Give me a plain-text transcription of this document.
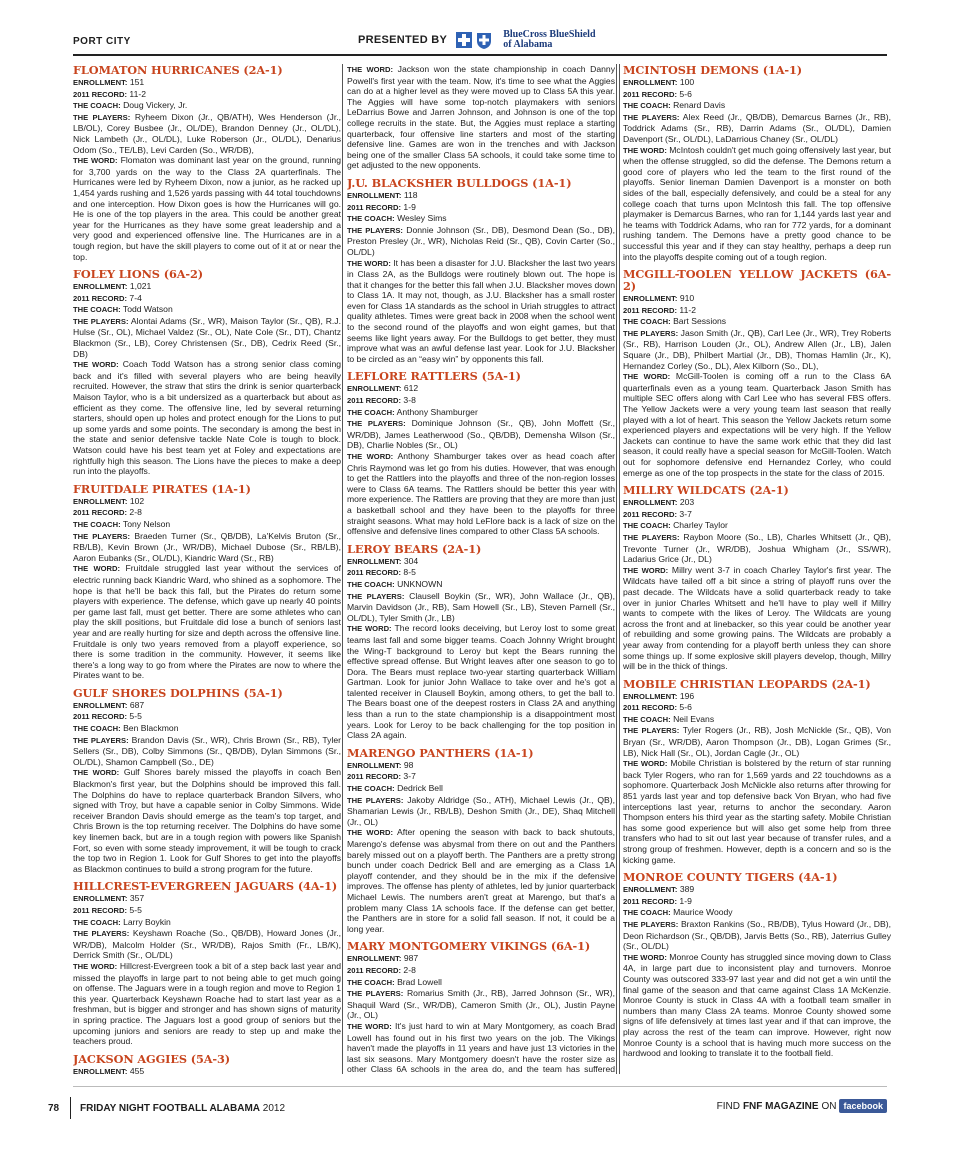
PORT CITY	PRESENTED BY	BlueCross BlueShield
of Alabama
FLOMATON HURRICANES (2A-1)
ENROLLMENT: 151
2011 RECORD: 11-2
THE COACH: Doug Vickery, Jr.
THE PLAYERS: Ryheem Dixon (Jr., QB/ATH), Wes Henderson (Jr., LB/OL), Corey Busbee (Jr., OL/DE), Brandon Denney (Jr., OL/DL), Nick Lambeth (Jr., OL/DL), Luke Roberson (Jr., OL/DL), Denarius Odom (So., TE/LB), Levi Carden (So., WR/DB),
THE WORD: Flomaton was dominant last year on the ground, running for 3,700 yards on the way to the Class 2A quarterfinals. The Hurricanes were led by Ryheem Dixon, now a junior, as he racked up 1,454 yards rushing and 1,526 yards passing with 44 total touchdowns and one interception. How Dixon goes is how the Hurricanes will go. He is one of the top players in the area. This could be another great year for the Hurricanes as they have some great leadership and a very good and experienced offensive line. The Hurricanes are in a tough region, but have the skill players to come out of it at or near the top.
FOLEY LIONS (6A-2)
ENROLLMENT: 1,021
2011 RECORD: 7-4
THE COACH: Todd Watson
THE PLAYERS: Alontai Adams (Sr., WR), Maison Taylor (Sr., QB), R.J. Hulse (Sr., OL), Michael Valdez (Sr., OL), Nate Cole (Sr., DT), Chantz Blackmon (Sr., LB), Corey Christensen (Sr., DB), Cedrix Reed (Sr., DB)
THE WORD: Coach Todd Watson has a strong senior class coming back and it's filled with several players who are being heavily recruited. However, the straw that stirs the drink is senior quarterback Maison Taylor, who is a bit undersized as a quarterback but about as efficient as they come. The offensive line, led by several returning starters, should open up holes and protect enough for the Lions to put up some yards and some points. The secondary is among the best in the state and senior defensive tackle Nate Cole is tough to block. Watson could have his best team yet at Foley and expectations are rightfully high this season. The Lions have the pieces to make a deep run into the playoffs.
FRUITDALE PIRATES (1A-1)
ENROLLMENT: 102
2011 RECORD: 2-8
THE COACH: Tony Nelson
THE PLAYERS: Braeden Turner (Sr., QB/DB), La'Kelvis Bruton (Sr., RB/LB), Kevin Brown (Jr., WR/DB), Michael Dubose (Sr., RB/LB), Aaron Eubanks (Sr., OL/DL), Kiandric Ward (Sr., RB)
THE WORD: Fruitdale struggled last year without the services of electric running back Kiandric Ward, who shined as a sophomore. The hope is that he'll be back this fall, but the Pirates do return some players with experience. The defense, which gave up nearly 40 points per game last fall, must get better. There are some athletes who can play the skill positions, but Fruitdale did lose a bunch of seniors last year and are really hurting for size and depth across the offensive line. Fruitdale is only two years removed from a playoff experience, so there is some tradition in the community. However, it seems like there's a long way to go from where the Pirates are now to where the Pirates want to be.
GULF SHORES DOLPHINS (5A-1)
ENROLLMENT: 687
2011 RECORD: 5-5
THE COACH: Ben Blackmon
THE PLAYERS: Brandon Davis (Sr., WR), Chris Brown (Sr., RB), Tyler Sellers (Sr., DB), Colby Simmons (Sr., QB/DB), Dylan Simmons (Sr., OL/DL), Shamon Campbell (So., DE)
THE WORD: Gulf Shores barely missed the playoffs in coach Ben Blackmon's first year, but the Dolphins should be improved this fall. The Dolphins do have to replace quarterback Brandon Silvers, who signed with Troy, but have a capable senior in Colby Simmons. Wide receiver Brandon Davis should emerge as the team's top target, and Chris Brown is the top returning receiver. The Dolphins do have some key linemen back, but are in a tough region with powers like Spanish Fort, so even with some steady improvement, it will be tough to crack the top two in Region 1. Look for Gulf Shores to get into the playoffs as Blackmon continues to build a strong program for the future.
HILLCREST-EVERGREEN JAGUARS (4A-1)
ENROLLMENT: 357
2011 RECORD: 5-5
THE COACH: Larry Boykin
THE PLAYERS: Keyshawn Roache (So., QB/DB), Howard Jones (Jr., WR/DB), Malcolm Holder (Sr., WR/DB), Rajos Smith (Fr., LB/K), Derrick Smith (Sr., OL/DL)
THE WORD: Hillcrest-Evergreen took a bit of a step back last year and missed the playoffs in large part to not being able to get much going on offense. The Jaguars were in a tough region and move to Region 1 this year. Quarterback Keyshawn Roache had to start last year as a freshman, but is bigger and stronger and has shown signs of maturity in spring practice. The Jaguars lost a good group of seniors but the upcoming juniors and seniors are ready to step up and make the teachers proud.
JACKSON AGGIES (5A-3)
ENROLLMENT: 455
THE WORD: Jackson won the state championship in coach Danny Powell's first year with the team. Now, it's time to see what the Aggies can do at a higher level as they were moved up to Class 5A this year. The Aggies will have some top-notch playmakers with seniors LeDarrius Bowe and Jarren Johnson, and Johnson is one of the top college recruits in the state. But, the Aggies must replace a starting quarterback, four offensive line starters and most of the starting defensive line. Games are won in the trenches and with Jackson being one of the smaller Class 5A schools, it could take some time to get adjusted to the new opponents.
J.U. BLACKSHER BULLDOGS (1A-1)
ENROLLMENT: 118
2011 RECORD: 1-9
THE COACH: Wesley Sims
THE PLAYERS: Donnie Johnson (Sr., DB), Desmond Dean (So., DB), Preston Presley (Jr., WR), Nicholas Reid (Sr., QB), Covin Carter (So., OL/DL)
THE WORD: It has been a disaster for J.U. Blacksher the last two years in Class 2A, as the Bulldogs were routinely blown out. The hope is that it changes for the better this fall when J.U. Blacksher moves down to Class 1A. It may not, though, as J.U. Blacksher has a small roster even for Class 1A standards as the school in Uriah struggles to attract quality athletes. Times were great back in 2008 when the school went to the second round of the playoffs and won eight games, but that seems like light years away. For the Bulldogs to get better, they must improve what was an awful defense last year. Look for J.U. Blacksher to be circled as an “easy win” by opponents this fall.
LEFLORE RATTLERS (5A-1)
ENROLLMENT: 612
2011 RECORD: 3-8
THE COACH: Anthony Shamburger
THE PLAYERS: Dominique Johnson (Sr., QB), John Moffett (Sr., WR/DB), James Leatherwood (So., QB/DB), Demensha Wilson (Sr., DB), Charlie Nobles (Sr., OL)
THE WORD: Anthony Shamburger takes over as head coach after Chris Raymond was let go from his duties. However, that was enough to get the Rattlers into the playoffs and three of the non-region losses were to Class 6A teams. The Rattlers should be better this year with more experience. The Rattlers are proving that they are more than just a basketball school and they have been to the playoffs for three straight seasons. What may hold LeFlore back is a lack of size on the offensive and defensive lines compared to other Class 5A schools.
LEROY BEARS (2A-1)
ENROLLMENT: 304
2011 RECORD: 8-5
THE COACH: UNKNOWN
THE PLAYERS: Clausell Boykin (Sr., WR), John Wallace (Jr., QB), Marvin Davidson (Jr., RB), Sam Howell (Sr., LB), Steven Parnell (Sr., OL/DL), Tyler Smith (Jr., LB)
THE WORD: The record looks deceiving, but Leroy lost to some great teams last fall and some bigger teams. Coach Johnny Wright brought the Wing-T background to Leroy but kept the Bears running the effective spread offense. But Wright leaves after one season to go to Dora. The Bears must replace two-year starting quarterback William Gartman. Look for junior John Wallace to take over and he's got a talented receiver in Clausell Boykin, among others, to get the ball to. The Bears boast one of the deepest rosters in Class 2A and anything less than a run to the state championship is a disappointment most years. Look for Leroy to be back challenging for the top position in Class 2A again.
MARENGO PANTHERS (1A-1)
ENROLLMENT: 98
2011 RECORD: 3-7
THE COACH: Dedrick Bell
THE PLAYERS: Jakoby Aldridge (So., ATH), Michael Lewis (Jr., QB), Shamarian Lewis (Jr., RB/LB), Deshon Smith (Jr., DE), Shaq Mitchell (Jr., OL)
THE WORD: After opening the season with back to back shutouts, Marengo's defense was abysmal from there on out and the Panthers barely missed out on a playoff berth. The Panthers are a pretty strong bunch under coach Dedrick Bell and are emerging as a Class 1A playoff contender, and they should be in the mix if the defensive improves. The offense has plenty of athletes, led by junior quarterback Michael Lewis. The numbers aren't great at Marengo, but that's a problem many Class 1A schools face. If the defense can get better, the Panthers are in store for a solid fall season. If not, it could be a long year.
MARY MONTGOMERY VIKINGS (6A-1)
ENROLLMENT: 987
2011 RECORD: 2-8
THE COACH: Brad Lowell
THE PLAYERS: Romarius Smith (Jr., RB), Jarred Johnson (Sr., WR), Shaquil Ward (Sr., WR/DB), Cameron Smith (Jr., OL), Justin Payne (Jr., OL)
THE WORD: It's just hard to win at Mary Montgomery, as coach Brad Lowell has found out in his first two years on the job. The Vikings haven't made the playoffs in 11 years and have just 13 victories in the last six seasons. Mary Montgomery doesn't have the roster size as other Class 6A schools in the area do, and the team has suffered
MCINTOSH DEMONS (1A-1)
ENROLLMENT: 100
2011 RECORD: 5-6
THE COACH: Renard Davis
THE PLAYERS: Alex Reed (Jr., QB/DB), Demarcus Barnes (Jr., RB), Toddrick Adams (Sr., RB), Darrin Adams (Sr., OL/DL), Damien Davenport (Sr., OL/DL), LaDarrious Chaney (Sr., OL/DL)
THE WORD: McIntosh couldn't get much going offensively last year, but when the offense struggled, so did the defense. The Demons return a good core of players who led the team to the first round of the playoffs. Senior lineman Damien Davenport is a monster on both sides of the ball, especially defensively, and could be a steal for any college coach that turns upon McIntosh this fall. The top offensive playmaker is Demarcus Barnes, who ran for 1,144 yards last year and he teams with Toddrick Adams, who ran for 772 yards, for a dominant rushing tandem. The Demons have a pretty good chance to be successful this year and if they can stay healthy, perhaps a deep run into the playoffs despite coming out of a tough region.
MCGILL-TOOLEN YELLOW JACKETS (6A-2)
ENROLLMENT: 910
2011 RECORD: 11-2
THE COACH: Bart Sessions
THE PLAYERS: Jason Smith (Jr., QB), Carl Lee (Jr., WR), Trey Roberts (Sr., RB), Harrison Louden (Jr., OL), Andrew Allen (Jr., LB), Jalen Square (Jr., DB), Philbert Martial (Jr., DB), Thomas Hamlin (Jr., K), Hernandez Corley (So., DL), Alex Kilborn (So., DL),
THE WORD: McGill-Toolen is coming off a run to the Class 6A quarterfinals even as a young team. Quarterback Jason Smith has multiple SEC offers along with Carl Lee who has several FBS offers. The Yellow Jackets were a very young team last season that really played with a lot of heart. This season the Yellow Jackets return some experienced players and expectations will be very high. If the Yellow Jackets can continue to have the same work ethic that they did last season, it could really have a special season for McGill-Toolen. Watch out for sophomore defensive end Hernandez Corley, who could emerge as one of the top prospects in the state for the class of 2015.
MILLRY WILDCATS (2A-1)
ENROLLMENT: 203
2011 RECORD: 3-7
THE COACH: Charley Taylor
THE PLAYERS: Raybon Moore (So., LB), Charles Whitsett (Jr., QB), Trevonte Turner (Jr., WR/DB), Joshua Whigham (Jr., SS/WR), Ladarius Grice (Jr., DL)
THE WORD: Millry went 3-7 in coach Charley Taylor's first year. The Wildcats have tailed off a bit since a string of playoff runs over the past decade. The Wildcats have a solid quarterback ready to take over in junior Charles Whitsett and he'll have to play well if Millry wants to compete with the likes of Leroy. The Wildcats are young across the front and at linebacker, so this year could be another year of rebuilding and some growing pains. The Wildcats are probably a year away from contending for a playoff berth unless they can shore some things up. If some explosive skill players develop, though, Millry will be in the thick of things.
MOBILE CHRISTIAN LEOPARDS (2A-1)
ENROLLMENT: 196
2011 RECORD: 5-6
THE COACH: Neil Evans
THE PLAYERS: Tyler Rogers (Jr., RB), Josh McNickle (Sr., QB), Von Bryan (Sr., WR/DB), Aaron Thompson (Jr., DB), Logan Grimes (Sr., LB), Nick Hall (Sr., OL), Jordan Cagle (Jr., OL)
THE WORD: Mobile Christian is bolstered by the return of star running back Tyler Rogers, who ran for 1,569 yards and 22 touchdowns as a sophomore. Quarterback Josh McNickle also returns after throwing for 851 yards last year and top defensive back Von Bryan, who had five interceptions last year, returns to anchor the secondary. Aaron Thompson enters his third year as the starting safety. Mobile Christian has some good experience but will also get some help from three transfers who had to sit out last year because of transfer rules, and a strong group of freshmen. However, depth is a concern and so is the kicking game.
MONROE COUNTY TIGERS (4A-1)
ENROLLMENT: 389
2011 RECORD: 1-9
THE COACH: Maurice Woody
THE PLAYERS: Braxton Rankins (So., RB/DB), Tylus Howard (Jr., DB), Deon Richardson (Sr., QB/DB), Jarvis Betts (So., RB), Jaterrius Gulley (Sr., OL/DL)
THE WORD: Monroe County has struggled since moving down to Class 4A, in large part due to inconsistent play and turnovers. Monroe County was outscored 333-97 last year and did not get a win until the final game of the season and that came against Class 1A McKenzie. Monroe County is stuck in Class 4A with a football team smaller in numbers than many Class 2A teams. Monroe County showed some signs of life defensively at times last year and if that can improve, the play across the rest of the team can improve. However, right now Monroe County is a school that is having much more success on the hardwood and looking to translate it to the football field.
78 FRIDAY NIGHT FOOTBALL ALABAMA 2012	FIND FNF MAGAZINE ON facebook
